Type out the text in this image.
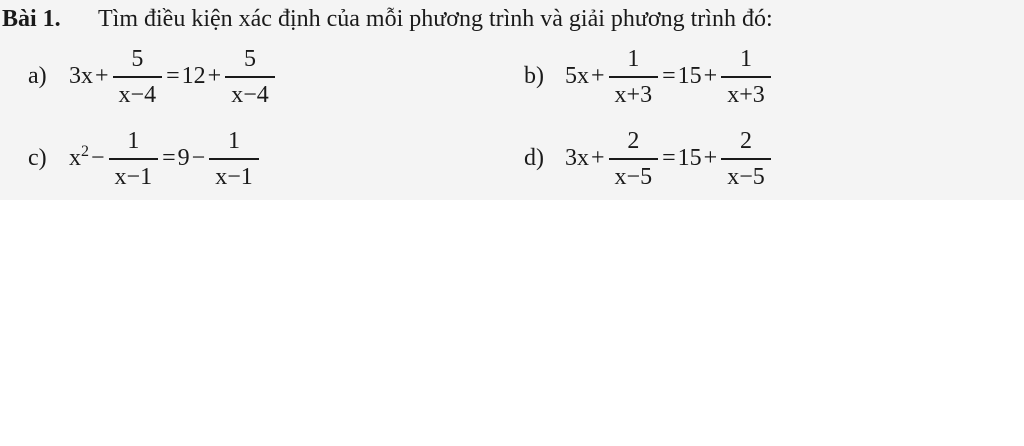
Bài 1. Tìm điều kiện xác định của mỗi phương trình và giải phương trình đó:
a) $3x + \frac{5}{x-4} = 12 + \frac{5}{x-4}$	b) $5x + \frac{1}{x+3} = 15 + \frac{1}{x+3}$
c) $x^2 - \frac{1}{x-1} = 9 - \frac{1}{x-1}$	d) $3x + \frac{2}{x-5} = 15 + \frac{2}{x-5}$
